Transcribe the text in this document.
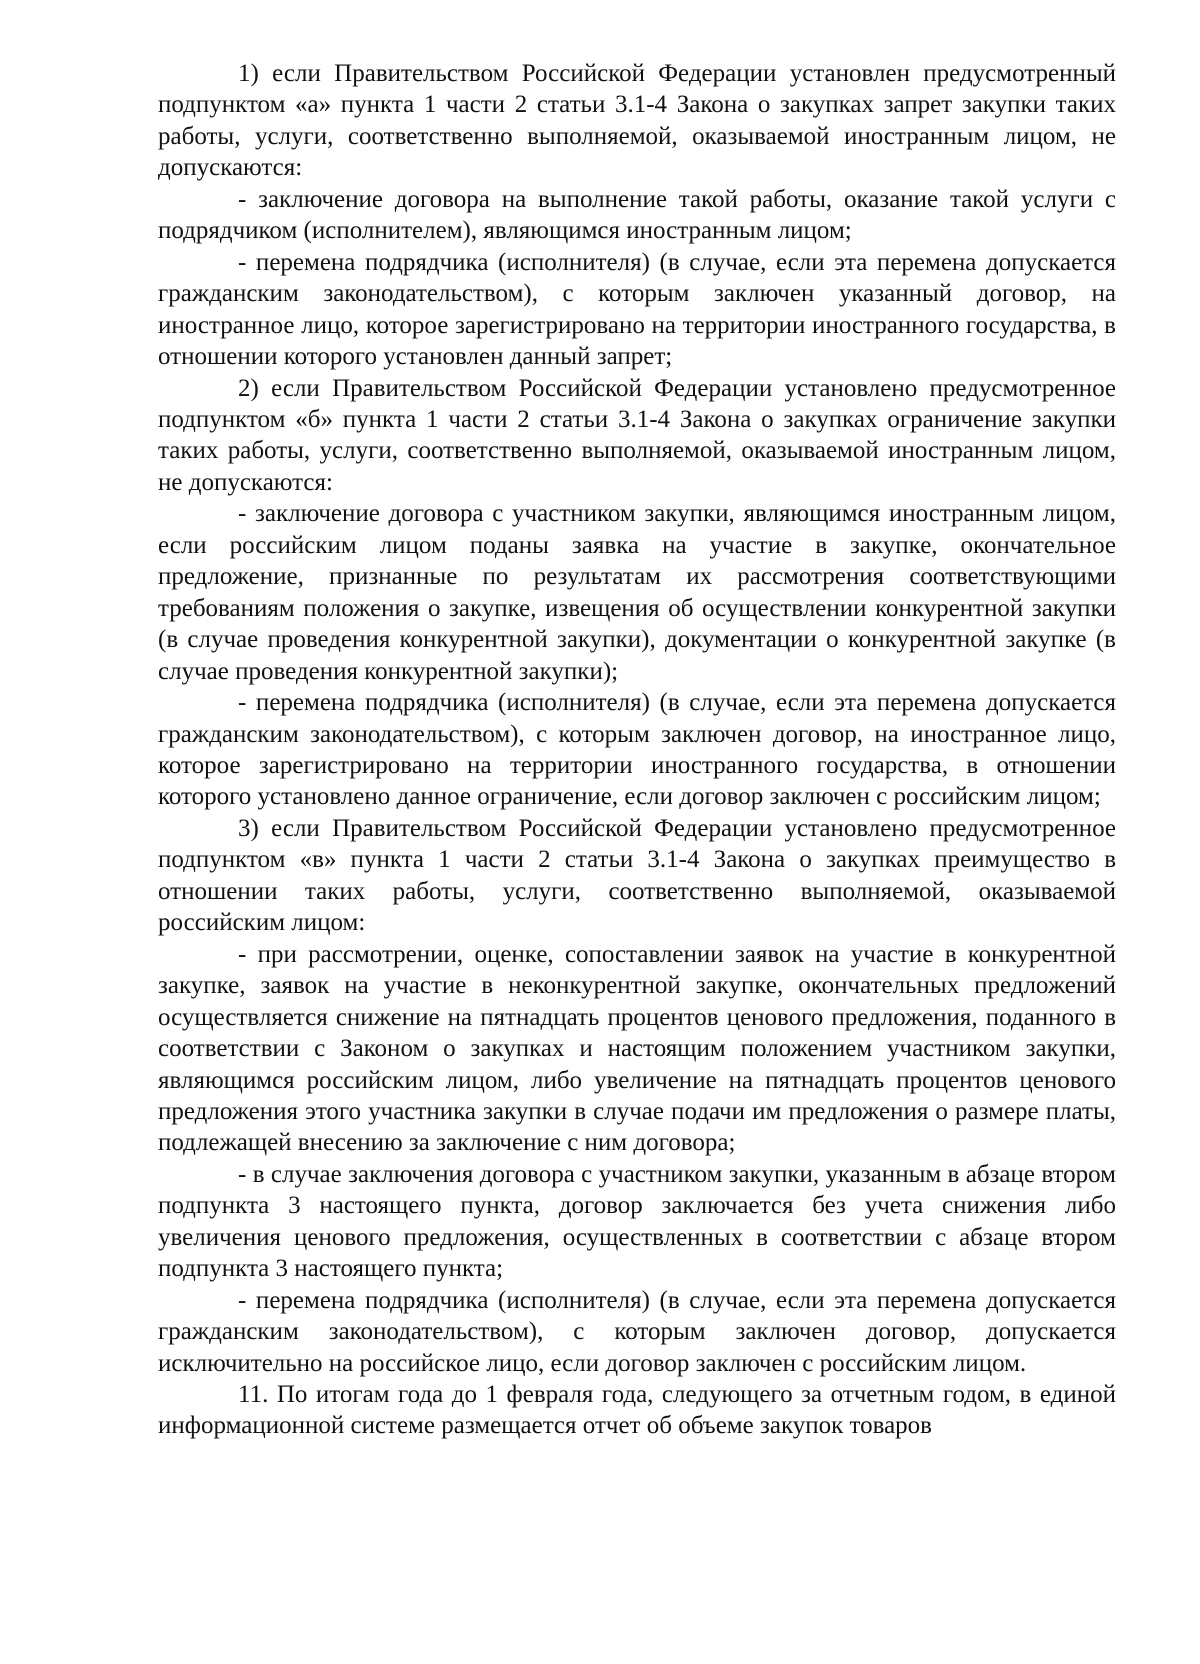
1) если Правительством Российской Федерации установлен предусмотренный подпунктом «а» пункта 1 части 2 статьи 3.1-4 Закона о закупках запрет закупки таких работы, услуги, соответственно выполняемой, оказываемой иностранным лицом, не допускаются:

- заключение договора на выполнение такой работы, оказание такой услуги с подрядчиком (исполнителем), являющимся иностранным лицом;

- перемена подрядчика (исполнителя) (в случае, если эта перемена допускается гражданским законодательством), с которым заключен указанный договор, на иностранное лицо, которое зарегистрировано на территории иностранного государства, в отношении которого установлен данный запрет;

2) если Правительством Российской Федерации установлено предусмотренное подпунктом «б» пункта 1 части 2 статьи 3.1-4 Закона о закупках ограничение закупки таких работы, услуги, соответственно выполняемой, оказываемой иностранным лицом, не допускаются:

- заключение договора с участником закупки, являющимся иностранным лицом, если российским лицом поданы заявка на участие в закупке, окончательное предложение, признанные по результатам их рассмотрения соответствующими требованиям положения о закупке, извещения об осуществлении конкурентной закупки (в случае проведения конкурентной закупки), документации о конкурентной закупке (в случае проведения конкурентной закупки);

- перемена подрядчика (исполнителя) (в случае, если эта перемена допускается гражданским законодательством), с которым заключен договор, на иностранное лицо, которое зарегистрировано на территории иностранного государства, в отношении которого установлено данное ограничение, если договор заключен с российским лицом;

3) если Правительством Российской Федерации установлено предусмотренное подпунктом «в» пункта 1 части 2 статьи 3.1-4 Закона о закупках преимущество в отношении таких работы, услуги, соответственно выполняемой, оказываемой российским лицом:

- при рассмотрении, оценке, сопоставлении заявок на участие в конкурентной закупке, заявок на участие в неконкурентной закупке, окончательных предложений осуществляется снижение на пятнадцать процентов ценового предложения, поданного в соответствии с Законом о закупках и настоящим положением участником закупки, являющимся российским лицом, либо увеличение на пятнадцать процентов ценового предложения этого участника закупки в случае подачи им предложения о размере платы, подлежащей внесению за заключение с ним договора;

- в случае заключения договора с участником закупки, указанным в абзаце втором подпункта 3 настоящего пункта, договор заключается без учета снижения либо увеличения ценового предложения, осуществленных в соответствии с абзаце втором подпункта 3 настоящего пункта;

- перемена подрядчика (исполнителя) (в случае, если эта перемена допускается гражданским законодательством), с которым заключен договор, допускается исключительно на российское лицо, если договор заключен с российским лицом.

11. По итогам года до 1 февраля года, следующего за отчетным годом, в единой информационной системе размещается отчет об объеме закупок товаров
